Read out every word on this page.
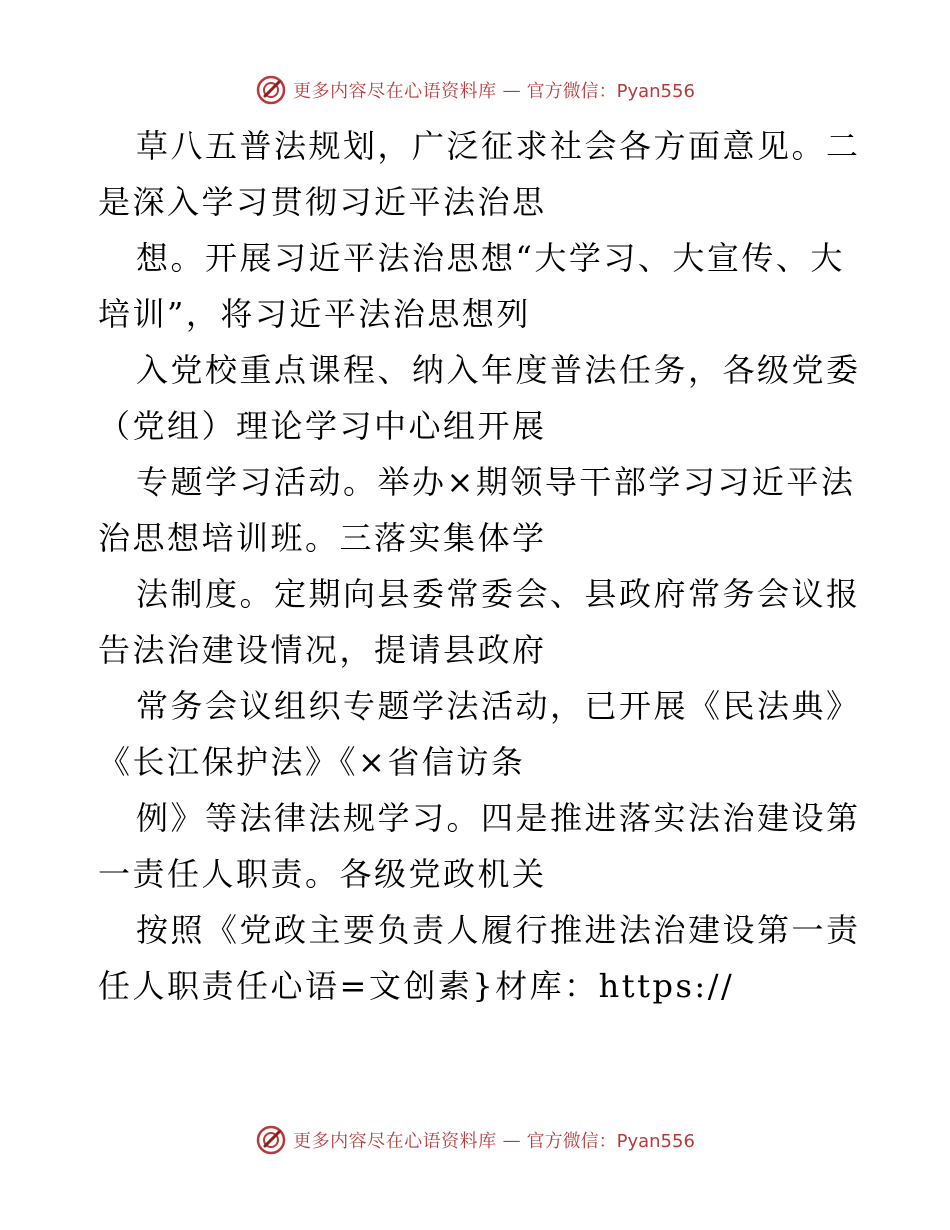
更多内容尽在心语资料库 — 官方微信：Pyan556
草八五普法规划，广泛征求社会各方面意见。二
是深入学习贯彻习近平法治思
想。开展习近平法治思想“大学习、大宣传、大
培训”，将习近平法治思想列
入党校重点课程、纳入年度普法任务，各级党委
（党组）理论学习中心组开展
专题学习活动。举办×期领导干部学习习近平法
治思想培训班。三落实集体学
法制度。定期向县委常委会、县政府常务会议报
告法治建设情况，提请县政府
常务会议组织专题学法活动，已开展《民法典》
《长江保护法》《×省信访条
例》等法律法规学习。四是推进落实法治建设第
一责任人职责。各级党政机关
按照《党政主要负责人履行推进法治建设第一责
任人职责任心语=文创素}材库：https://
更多内容尽在心语资料库 — 官方微信：Pyan556
